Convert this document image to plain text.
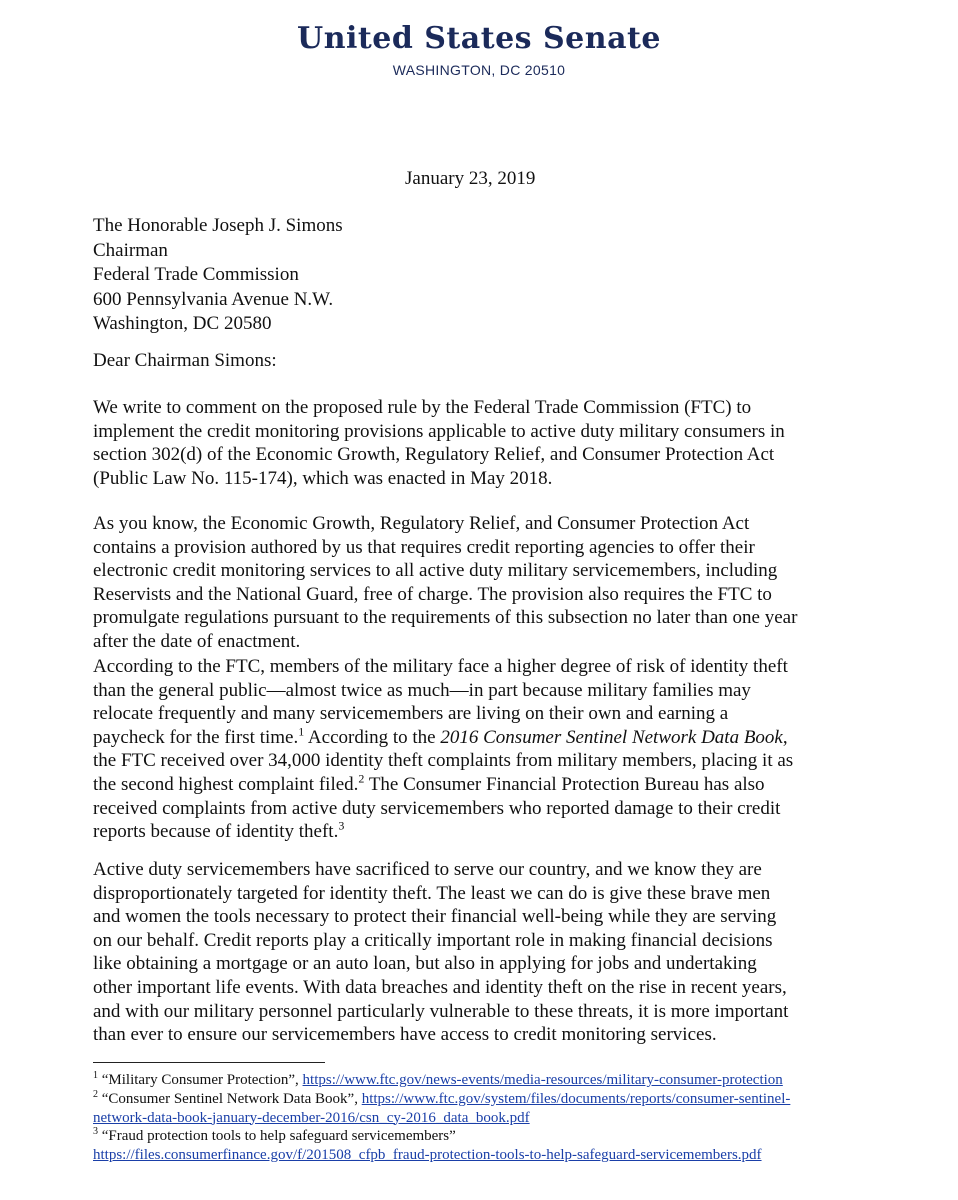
United States Senate
WASHINGTON, DC 20510
January 23, 2019
The Honorable Joseph J. Simons
Chairman
Federal Trade Commission
600 Pennsylvania Avenue N.W.
Washington, DC 20580
Dear Chairman Simons:
We write to comment on the proposed rule by the Federal Trade Commission (FTC) to
implement the credit monitoring provisions applicable to active duty military consumers in
section 302(d) of the Economic Growth, Regulatory Relief, and Consumer Protection Act
(Public Law No. 115-174), which was enacted in May 2018.
As you know, the Economic Growth, Regulatory Relief, and Consumer Protection Act
contains a provision authored by us that requires credit reporting agencies to offer their
electronic credit monitoring services to all active duty military servicemembers, including
Reservists and the National Guard, free of charge. The provision also requires the FTC to
promulgate regulations pursuant to the requirements of this subsection no later than one year
after the date of enactment.
According to the FTC, members of the military face a higher degree of risk of identity theft
than the general public—almost twice as much—in part because military families may
relocate frequently and many servicemembers are living on their own and earning a
paycheck for the first time.$^1$ According to the 2016 Consumer Sentinel Network Data Book,
the FTC received over 34,000 identity theft complaints from military members, placing it as
the second highest complaint filed.$^2$ The Consumer Financial Protection Bureau has also
received complaints from active duty servicemembers who reported damage to their credit
reports because of identity theft.$^3$
Active duty servicemembers have sacrificed to serve our country, and we know they are
disproportionately targeted for identity theft. The least we can do is give these brave men
and women the tools necessary to protect their financial well-being while they are serving
on our behalf. Credit reports play a critically important role in making financial decisions
like obtaining a mortgage or an auto loan, but also in applying for jobs and undertaking
other important life events. With data breaches and identity theft on the rise in recent years,
and with our military personnel particularly vulnerable to these threats, it is more important
than ever to ensure our servicemembers have access to credit monitoring services.
$^1$ “Military Consumer Protection”, https://www.ftc.gov/news-events/media-resources/military-consumer-protection
$^2$ “Consumer Sentinel Network Data Book”, https://www.ftc.gov/system/files/documents/reports/consumer-sentinel-
network-data-book-january-december-2016/csn_cy-2016_data_book.pdf
$^3$ “Fraud protection tools to help safeguard servicemembers”
https://files.consumerfinance.gov/f/201508_cfpb_fraud-protection-tools-to-help-safeguard-servicemembers.pdf
